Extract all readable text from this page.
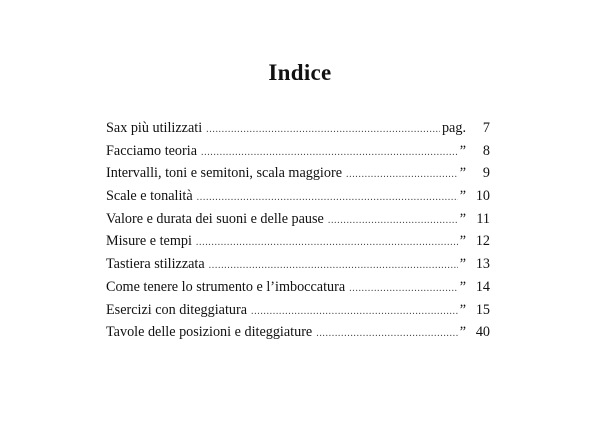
Indice
Sax più utilizzati .....	pag.	7
Facciamo teoria .....	”	8
Intervalli, toni e semitoni, scala maggiore .....	”	9
Scale e tonalità .....	” 10
Valore e durata dei suoni e delle pause .....	” 11
Misure e tempi .....	” 12
Tastiera stilizzata .....	” 13
Come tenere lo strumento e l’imboccatura .....	” 14
Esercizi con diteggiatura .....	” 15
Tavole delle posizioni e diteggiature .....	” 40
